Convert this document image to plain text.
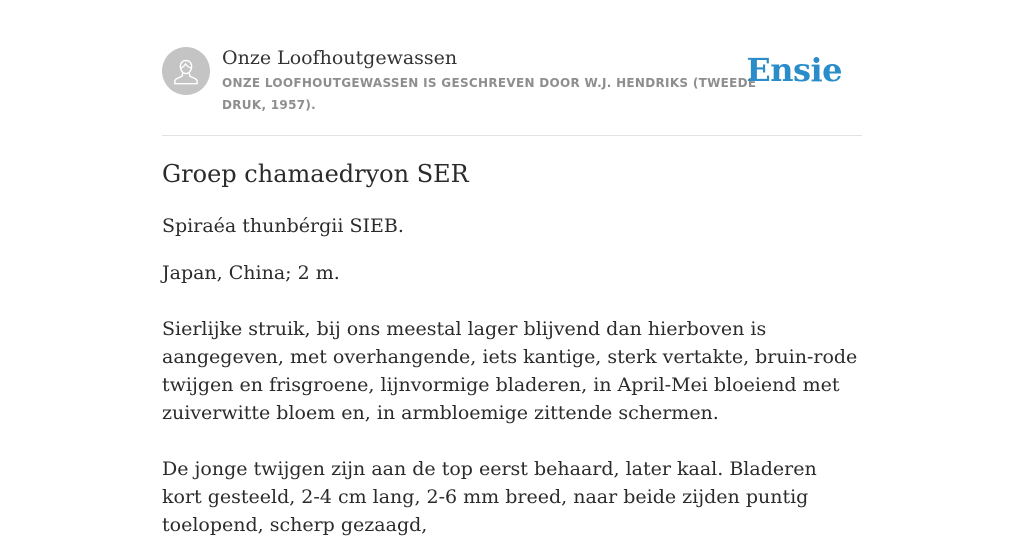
Onze Loofhoutgewassen
ONZE LOOFHOUTGEWASSEN IS GESCHREVEN DOOR W.J. HENDRIKS (TWEEDE DRUK, 1957).
Ensie
Groep chamaedryon SER

Spiraéa thunbérgii SIEB.

Japan, China; 2 m.

Sierlijke struik, bij ons meestal lager blijvend dan hierboven is aangegeven, met overhangende, iets kantige, sterk vertakte, bruin-rode twijgen en frisgroene, lijnvormige bladeren, in April-Mei bloeiend met zuiverwitte bloem en, in armbloemige zittende schermen.

De jonge twijgen zijn aan de top eerst behaard, later kaal. Bladeren kort gesteeld, 2-4 cm lang, 2-6 mm breed, naar beide zijden puntig toelopend, scherp gezaagd,
